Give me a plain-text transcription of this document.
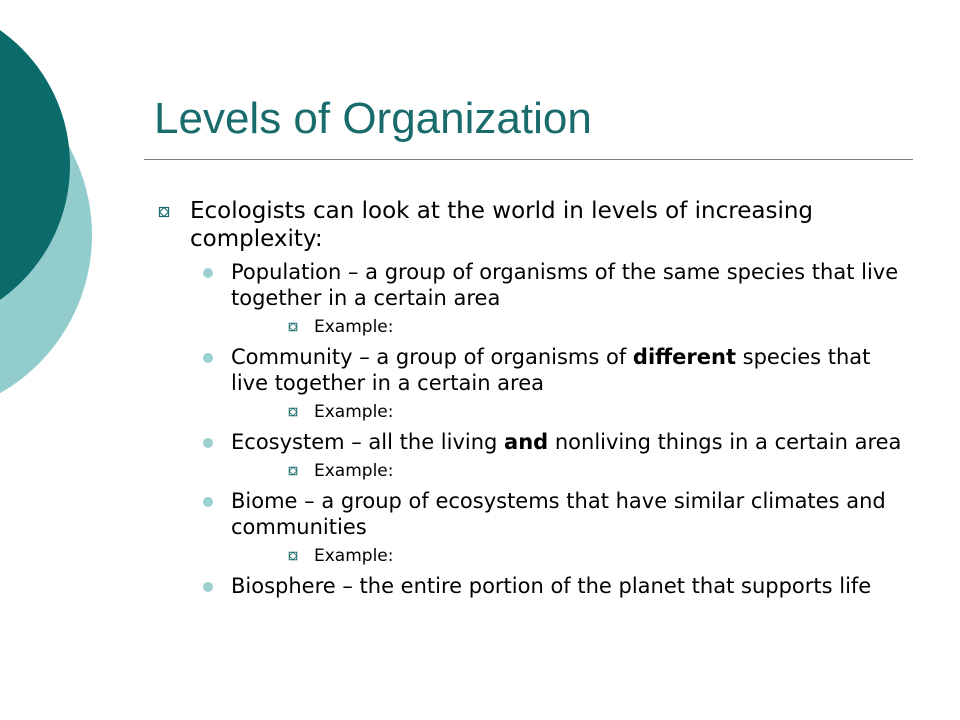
Levels of Organization
Ecologists can look at the world in levels of increasing complexity:
Population – a group of organisms of the same species that live together in a certain area
Example:
Community – a group of organisms of different species that live together in a certain area
Example:
Ecosystem – all the living and nonliving things in a certain area
Example:
Biome – a group of ecosystems that have similar climates and communities
Example:
Biosphere – the entire portion of the planet that supports life
